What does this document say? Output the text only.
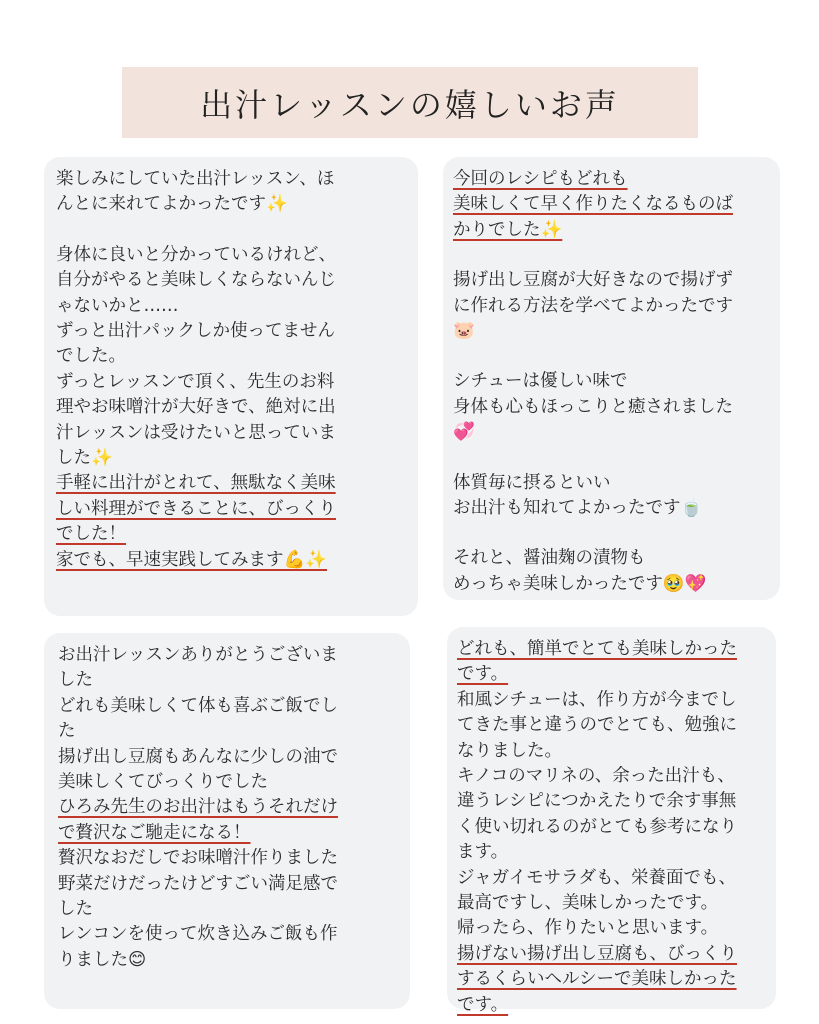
出汁レッスンの嬉しいお声
楽しみにしていた出汁レッスン、ほ
んとに来れてよかったです✨
身体に良いと分かっているけれど、
自分がやると美味しくならないんじ
ゃないかと……
ずっと出汁パックしか使ってません
でした。
ずっとレッスンで頂く、先生のお料
理やお味噌汁が大好きで、絶対に出
汁レッスンは受けたいと思っていま
した✨
手軽に出汁がとれて、無駄なく美味
しい料理ができることに、びっくり
でした！
家でも、早速実践してみます💪✨
今回のレシピもどれも
美味しくて早く作りたくなるものば
かりでした✨
揚げ出し豆腐が大好きなので揚げず
に作れる方法を学べてよかったです
🐷
シチューは優しい味で
身体も心もほっこりと癒されました
💞
体質毎に摂るといい
お出汁も知れてよかったです🍵
それと、醤油麹の漬物も
めっちゃ美味しかったです🥹💖
お出汁レッスンありがとうございま
した
どれも美味しくて体も喜ぶご飯でし
た
揚げ出し豆腐もあんなに少しの油で
美味しくてびっくりでした
ひろみ先生のお出汁はもうそれだけ
で贅沢なご馳走になる！
贅沢なおだしでお味噌汁作りました
野菜だけだったけどすごい満足感で
した
レンコンを使って炊き込みご飯も作
りました😊
どれも、簡単でとても美味しかった
です。
和風シチューは、作り方が今までし
てきた事と違うのでとても、勉強に
なりました。
キノコのマリネの、余った出汁も、
違うレシピにつかえたりで余す事無
く使い切れるのがとても参考になり
ます。
ジャガイモサラダも、栄養面でも、
最高ですし、美味しかったです。
帰ったら、作りたいと思います。
揚げない揚げ出し豆腐も、びっくり
するくらいヘルシーで美味しかった
です。
